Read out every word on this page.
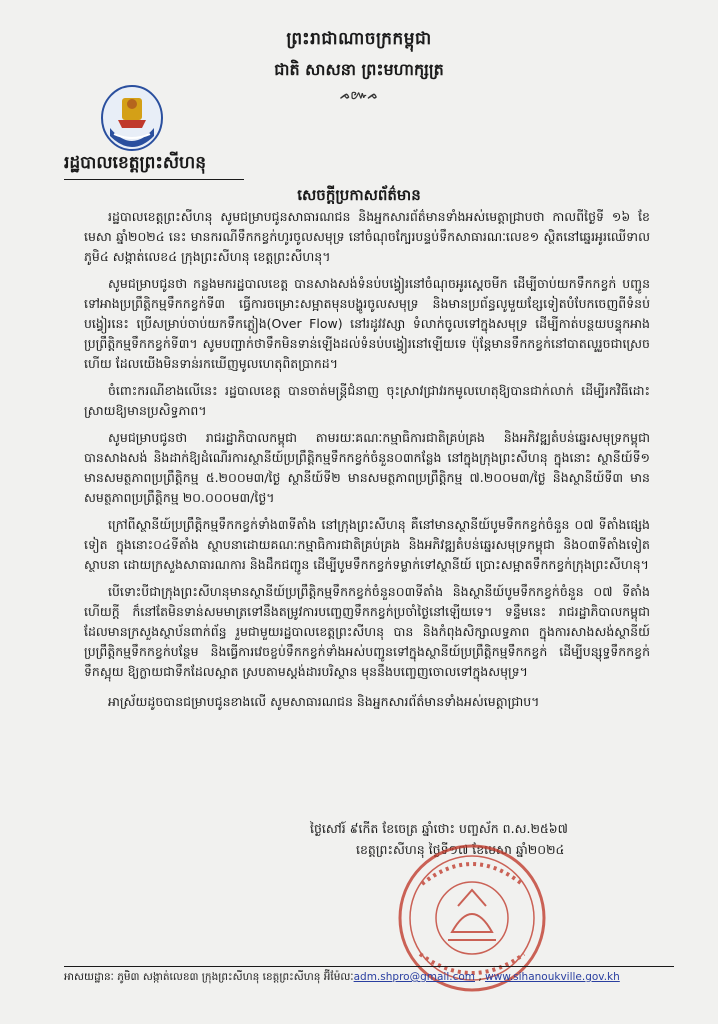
ព្រះរាជាណាចក្រកម្ពុជា
ជាតិ សាសនា ព្រះមហាក្សត្រ
ᨍ៚ᨍ
រដ្ឋបាលខេត្តព្រះសីហនុ
សេចក្តីប្រកាសព័ត៌មាន

រដ្ឋបាលខេត្តព្រះសីហនុ សូមជម្រាបជូនសាធារណជន និងអ្នកសារព័ត៌មានទាំងអស់មេត្តាជ្រាបថា កាលពីថ្ងៃទី ១៦ ខែមេសា ឆ្នាំ២០២៤ នេះ មានករណីទឹកកខ្វក់ហូរចូលសមុទ្រ នៅចំណុចក្បែរបន្ទប់ទឹកសាធារណៈលេខ១ ស្ថិតនៅឆ្នេរអូរឈើទាល ភូមិ៤ សង្កាត់លេខ៤ ក្រុងព្រះសីហនុ ខេត្តព្រះសីហនុ។

សូមជម្រាបជូនថា កន្លងមករដ្ឋបាលខេត្ត បានសាងសង់ទំនប់បង្វៀរនៅចំណុចអូរស្តេចមីក ដើម្បីចាប់យកទឹកកខ្វក់ បញ្ជូនទៅអាងប្រព្រឹត្តិកម្មទឹកកខ្វក់ទី៣ ធ្វើការចម្រោះសម្អាតមុនបង្ហូរចូលសមុទ្រ និងមានប្រព័ន្ធលូមួយខ្សែទៀតបំបែកចេញពីទំនប់បង្វៀរនេះ ប្រើសម្រាប់ចាប់យកទឹកភ្លៀង(Over Flow) នៅរដូវវស្សា ទំលាក់ចូលទៅក្នុងសមុទ្រ ដើម្បីកាត់បន្ថយបន្ទុកអាងប្រព្រឹត្តិកម្មទឹកកខ្វក់ទី៣។ សូមបញ្ជាក់ថាទឹកមិនទាន់ឡើងដល់ទំនប់បង្វៀរនៅឡើយទេ ប៉ុន្តែមានទឹកកខ្វក់នៅបាតលូរួចជាស្រេចហើយ ដែលយើងមិនទាន់រកឃើញមូលហេតុពិតប្រាកដ។

ចំពោះករណីខាងលើនេះ រដ្ឋបាលខេត្ត បានចាត់មន្ត្រីជំនាញ ចុះស្រាវជ្រាវរកមូលហេតុឱ្យបានជាក់លាក់ ដើម្បីរកវិធីដោះស្រាយឱ្យមានប្រសិទ្ធភាព។

សូមជម្រាបជូនថា រាជរដ្ឋាភិបាលកម្ពុជា តាមរយៈគណៈកម្មាធិការជាតិគ្រប់គ្រង និងអភិវឌ្ឍតំបន់ឆ្នេរសមុទ្រកម្ពុជា បានសាងសង់ និងដាក់ឱ្យដំណើរការស្ថានីយ៍ប្រព្រឹត្តិកម្មទឹកកខ្វក់ចំនួន០៣កន្លែង នៅក្នុងក្រុងព្រះសីហនុ ក្នុងនោះ ស្ថានីយ៍ទី១ មានសមត្ថភាពប្រព្រឹត្តិកម្ម ៥.២០០ម៣/ថ្ងៃ ស្ថានីយ៍ទី២ មានសមត្ថភាពប្រព្រឹត្តិកម្ម ៧.២០០ម៣/ថ្ងៃ និងស្ថានីយ៍ទី៣ មានសមត្ថភាពប្រព្រឹត្តិកម្ម ២០.០០០ម៣/ថ្ងៃ។

ក្រៅពីស្ថានីយ៍ប្រព្រឹត្តិកម្មទឹកកខ្វក់ទាំង៣ទីតាំង នៅក្រុងព្រះសីហនុ គឺនៅមានស្ថានីយ៍បូមទឹកកខ្វក់ចំនួន ០៧ ទីតាំងផ្សេងទៀត ក្នុងនោះ០៤ទីតាំង ស្ថាបនាដោយគណៈកម្មាធិការជាតិគ្រប់គ្រង និងអភិវឌ្ឍតំបន់ឆ្នេរសមុទ្រកម្ពុជា និង០៣ទីតាំងទៀតស្ថាបនា ដោយក្រសួងសាធារណការ និងដឹកជញ្ជូន ដើម្បីបូមទឹកកខ្វក់ទម្លាក់ទៅស្ថានីយ៍ ប្រោះសម្អាតទឹកកខ្វក់ក្រុងព្រះសីហនុ។

បើទោះបីជាក្រុងព្រះសីហនុមានស្ថានីយ៍ប្រព្រឹត្តិកម្មទឹកកខ្វក់ចំនួន០៣ទីតាំង និងស្ថានីយ៍បូមទឹកកខ្វក់ចំនួន ០៧ ទីតាំងហើយក្តី ក៏នៅតែមិនទាន់សមមាត្រទៅនឹងតម្រូវការបញ្ចេញទឹកកខ្វក់ប្រចាំថ្ងៃនៅឡើយទេ។ ទន្ទឹមនេះ រាជរដ្ឋាភិបាលកម្ពុជា ដែលមានក្រសួងស្ថាប័នពាក់ព័ន្ធ រួមជាមួយរដ្ឋបាលខេត្តព្រះសីហនុ បាន និងកំពុងសិក្សាលទ្ធភាព ក្នុងការសាងសង់ស្ថានីយ៍ប្រព្រឹត្តិកម្មទឹកកខ្វក់បន្ថែម និងធ្វើការវេចខ្ចប់ទឹកកខ្វក់ទាំងអស់បញ្ជូនទៅក្នុងស្ថានីយ៍ប្រព្រឹត្តិកម្មទឹកកខ្វក់ ដើម្បីបន្សុទ្ធទឹកកខ្វក់ ទឹកស្អុយ ឱ្យក្លាយជាទឹកដែលស្អាត ស្របតាមស្តង់ដារបរិស្ថាន មុននឹងបញ្ចេញចោលទៅក្នុងសមុទ្រ។

អាស្រ័យដូចបានជម្រាបជូនខាងលើ សូមសាធារណជន និងអ្នកសារព័ត៌មានទាំងអស់មេត្តាជ្រាប។

ថ្ងៃសៅរ៍ ៩កើត ខែចេត្រ ឆ្នាំថោះ បញ្ចស័ក ព.ស.២៥៦៧
ខេត្តព្រះសីហនុ ថ្ងៃទី១៧ ខែមេសា ឆ្នាំ២០២៤
អាសយដ្ឋានៈ ភូមិ៣ សង្កាត់លេខ៣ ក្រុងព្រះសីហនុ ខេត្តព្រះសីហនុ អ៊ីម៉ែលៈadm.shpro@gmail.com , www.sihanoukville.gov.kh
